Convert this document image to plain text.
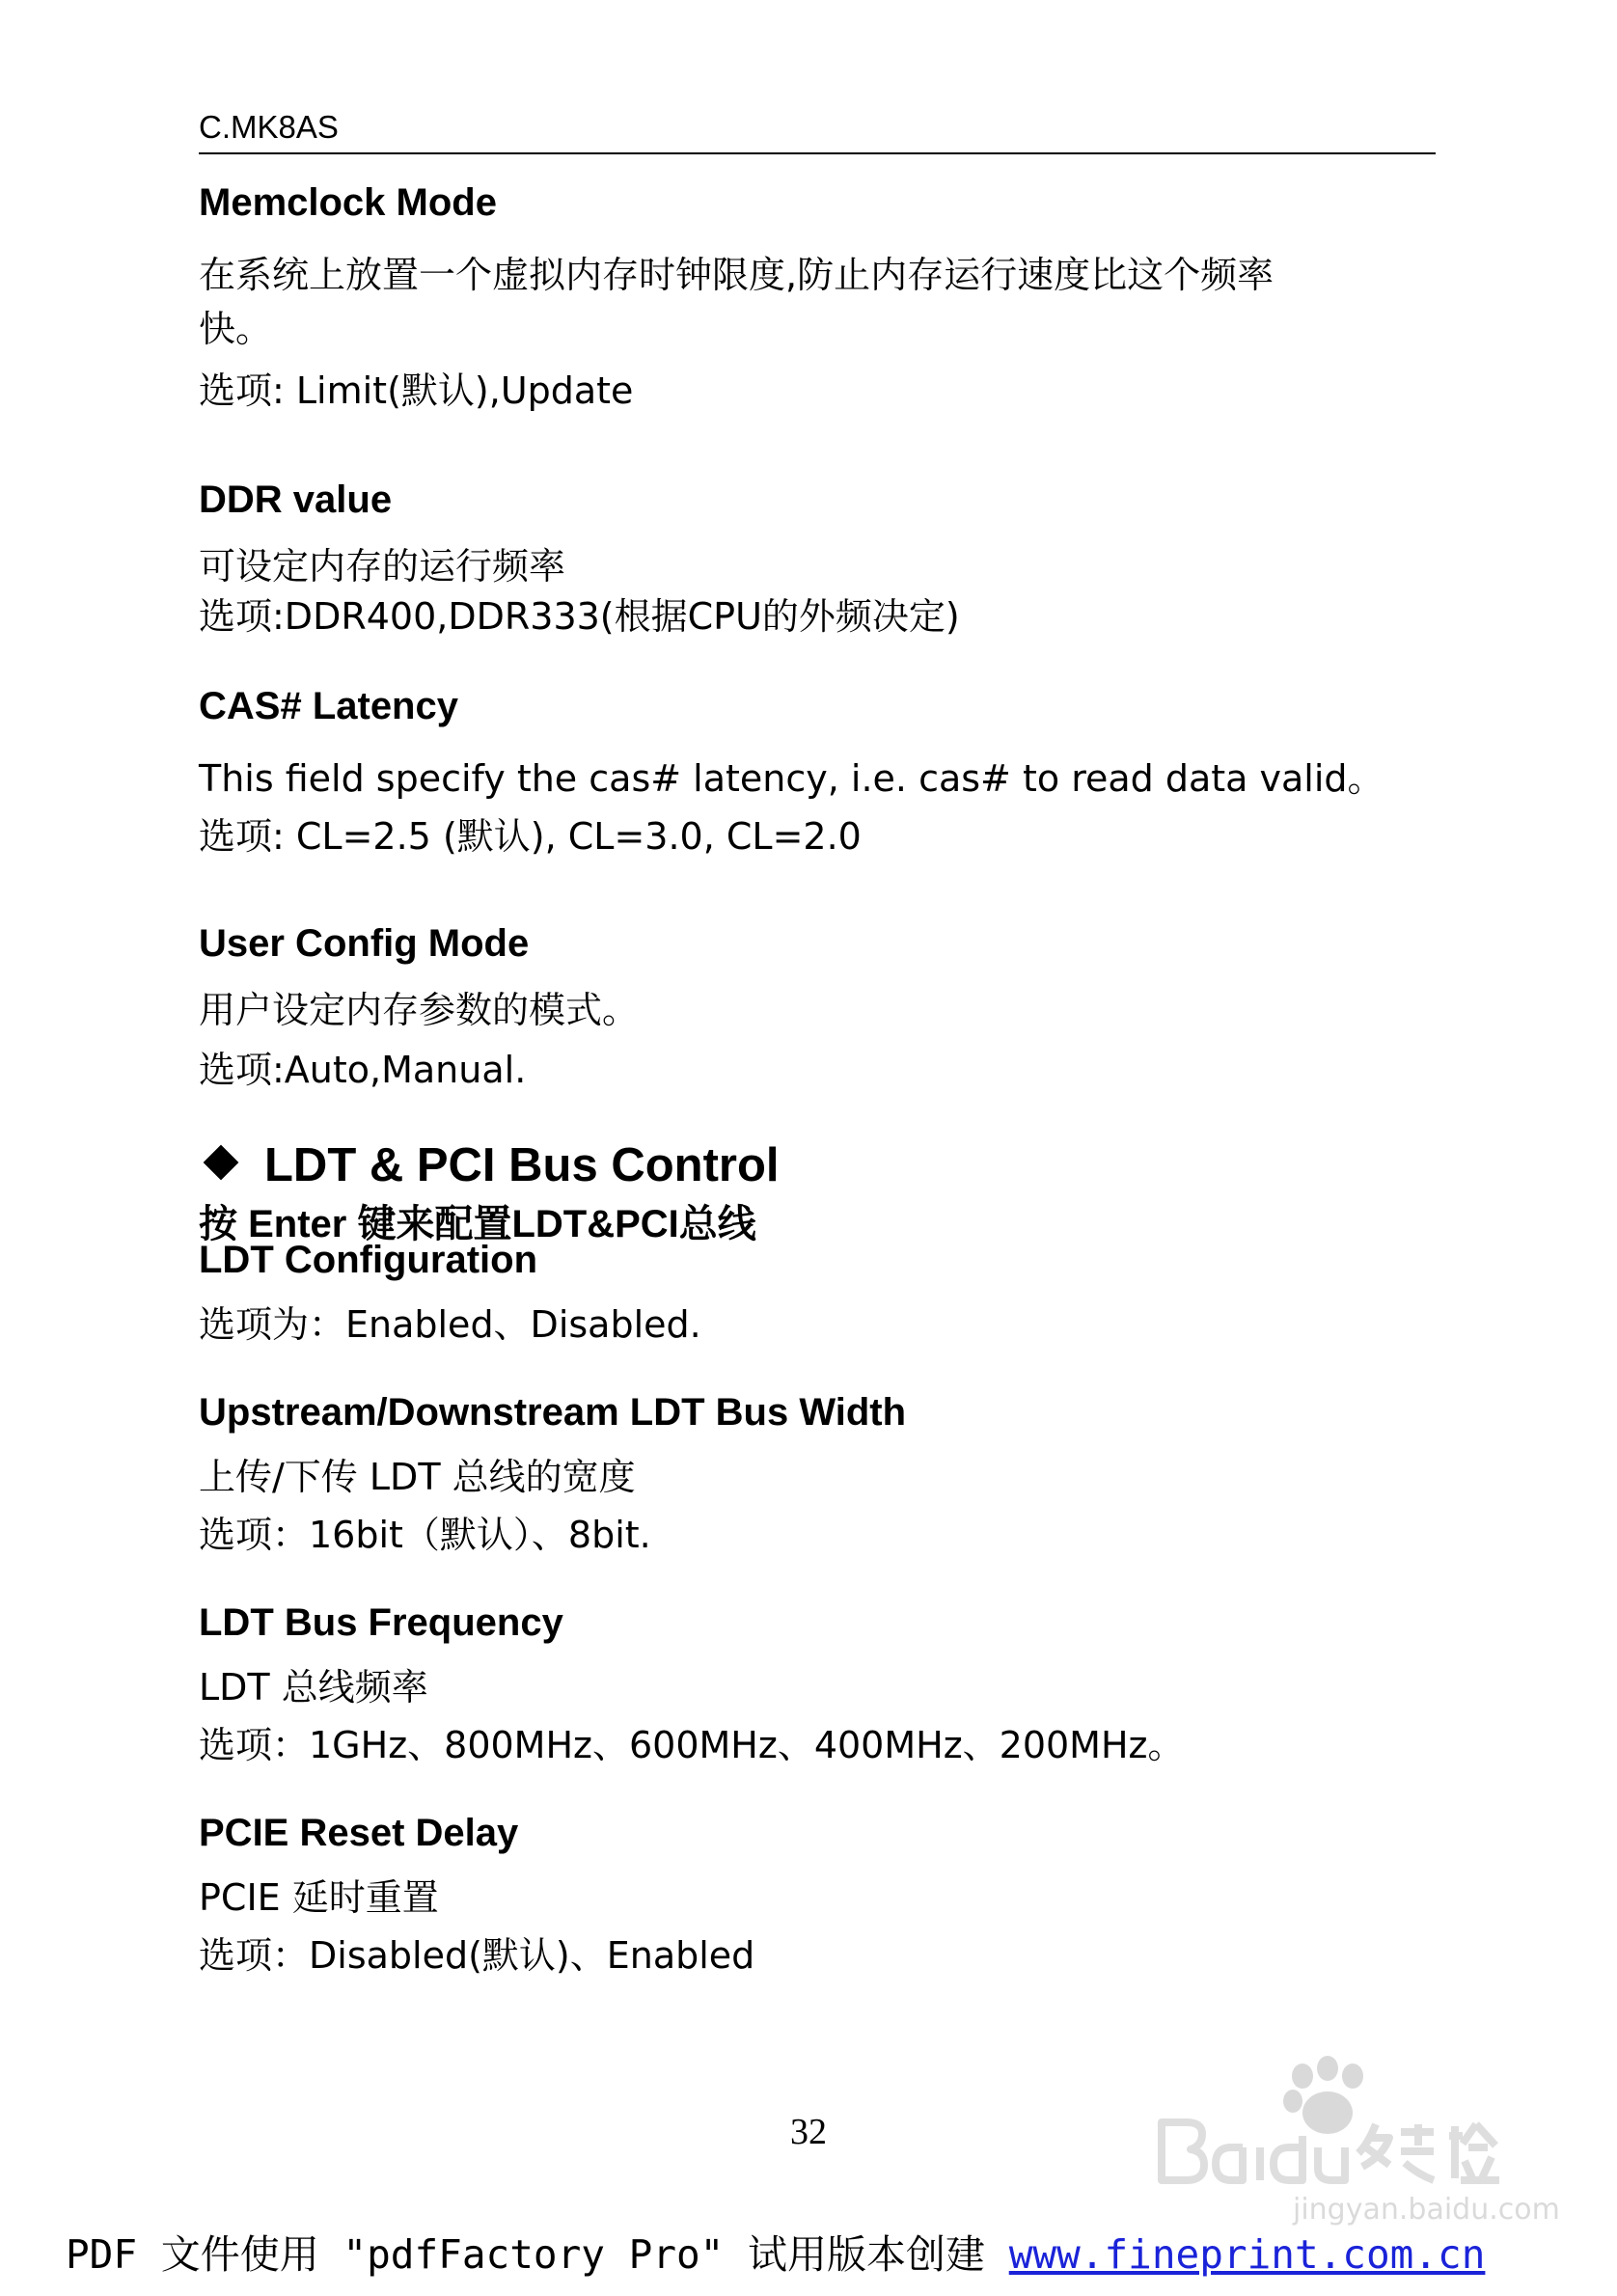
C.MK8AS
Memclock Mode
在系统上放置一个虚拟内存时钟限度,防止内存运行速度比这个频率
快。
选项: Limit(默认),Update
DDR value
可设定内存的运行频率
选项:DDR400,DDR333(根据CPU的外频决定)
CAS# Latency
This field specify the cas# latency, i.e. cas# to read data valid。
选项: CL=2.5 (默认), CL=3.0, CL=2.0
User Config Mode
用户设定内存参数的模式。
选项:Auto,Manual.
LDT & PCI Bus Control
按 Enter 键来配置LDT&PCI总线
LDT Configuration
选项为：Enabled、Disabled.
Upstream/Downstream LDT Bus Width
上传/下传 LDT 总线的宽度
选项：16bit（默认）、8bit.
LDT Bus Frequency
LDT 总线频率
选项：1GHz、800MHz、600MHz、400MHz、200MHz。
PCIE Reset Delay
PCIE 延时重置
选项：Disabled(默认)、Enabled
32
jingyan.baidu.com
PDF 文件使用 "pdfFactory Pro" 试用版本创建 www.fineprint.com.cn
